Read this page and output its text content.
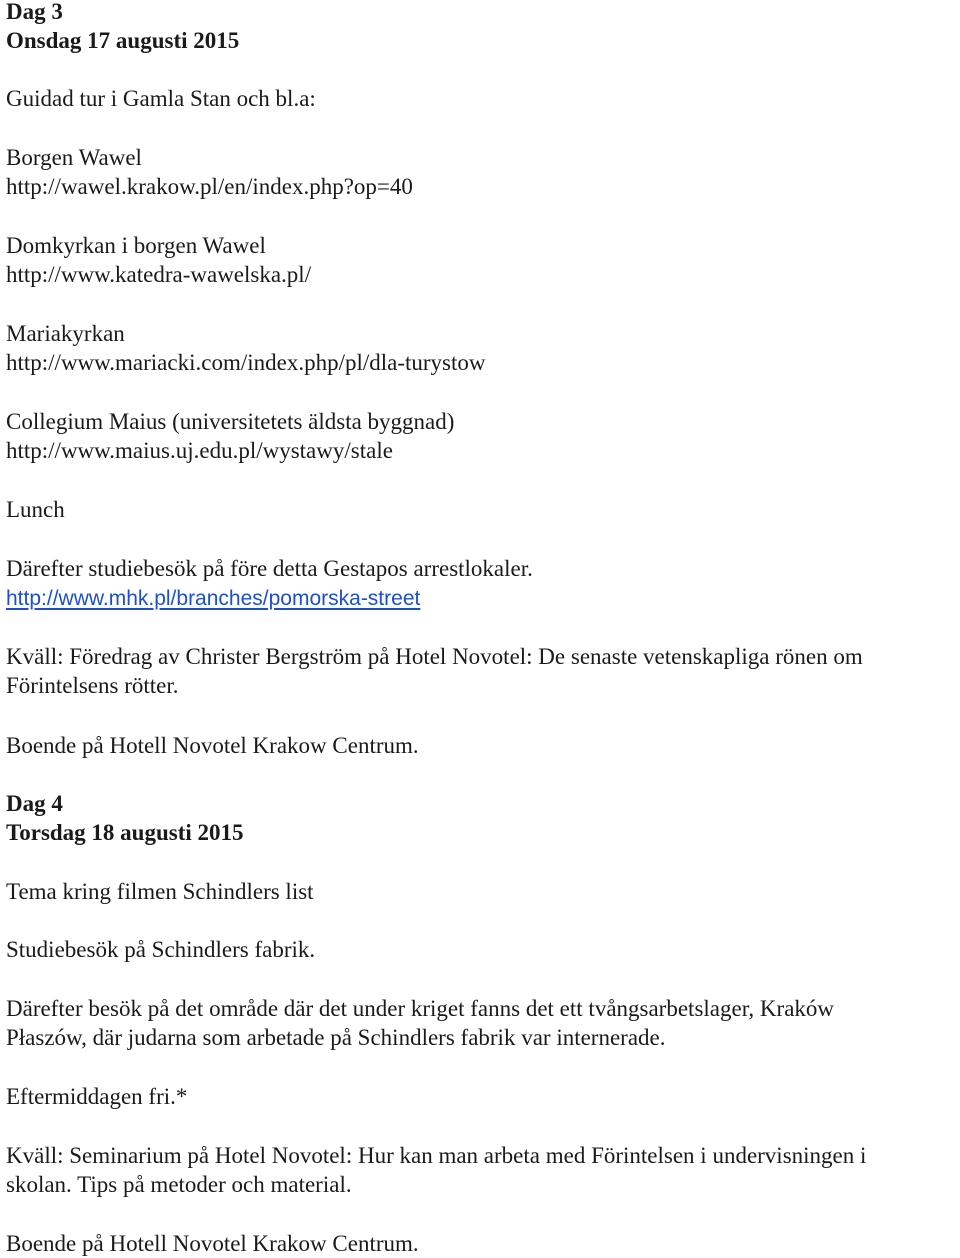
Dag 3
Onsdag 17 augusti 2015
Guidad tur i Gamla Stan och bl.a:
Borgen Wawel
http://wawel.krakow.pl/en/index.php?op=40
Domkyrkan i borgen Wawel
http://www.katedra-wawelska.pl/
Mariakyrkan
http://www.mariacki.com/index.php/pl/dla-turystow
Collegium Maius (universitetets äldsta byggnad)
http://www.maius.uj.edu.pl/wystawy/stale
Lunch
Därefter studiebesök på före detta Gestapos arrestlokaler.
http://www.mhk.pl/branches/pomorska-street
Kväll: Föredrag av Christer Bergström på Hotel Novotel: De senaste vetenskapliga rönen om
Förintelsens rötter.
Boende på Hotell Novotel Krakow Centrum.
Dag 4
Torsdag 18 augusti 2015
Tema kring filmen Schindlers list
Studiebesök på Schindlers fabrik.
Därefter besök på det område där det under kriget fanns det ett tvångsarbetslager, Kraków
Płaszów, där judarna som arbetade på Schindlers fabrik var internerade.
Eftermiddagen fri.*
Kväll: Seminarium på Hotel Novotel: Hur kan man arbeta med Förintelsen i undervisningen i
skolan. Tips på metoder och material.
Boende på Hotell Novotel Krakow Centrum.
